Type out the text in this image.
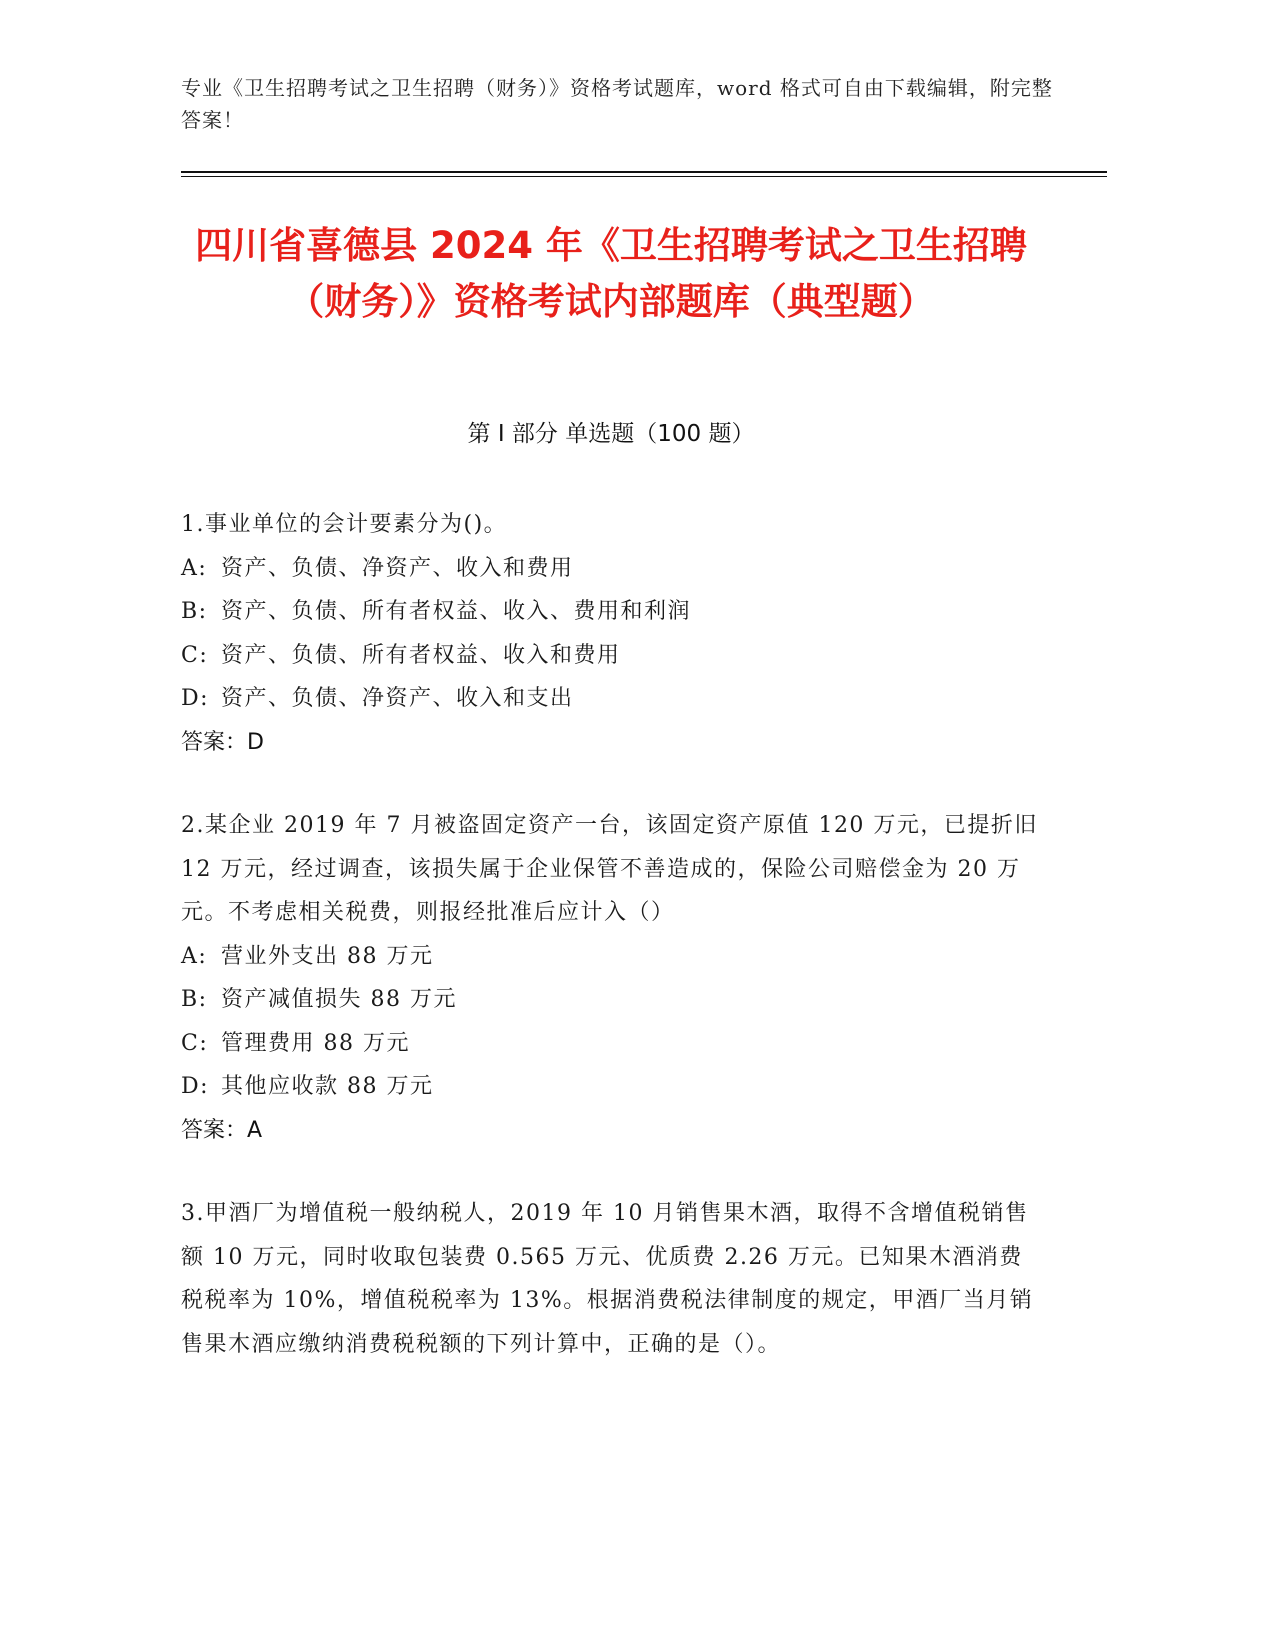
专业《卫生招聘考试之卫生招聘（财务）》资格考试题库，word 格式可自由下载编辑，附完整答案！
四川省喜德县 2024 年《卫生招聘考试之卫生招聘（财务）》资格考试内部题库（典型题）
第 I 部分 单选题（100 题）
1.事业单位的会计要素分为()。
A: 资产、负债、净资产、收入和费用
B: 资产、负债、所有者权益、收入、费用和利润
C: 资产、负债、所有者权益、收入和费用
D: 资产、负债、净资产、收入和支出
答案：D
2.某企业 2019 年 7 月被盗固定资产一台，该固定资产原值 120 万元，已提折旧 12 万元，经过调查，该损失属于企业保管不善造成的，保险公司赔偿金为 20 万元。不考虑相关税费，则报经批准后应计入（）
A: 营业外支出 88 万元
B: 资产减值损失 88 万元
C: 管理费用 88 万元
D: 其他应收款 88 万元
答案：A
3.甲酒厂为增值税一般纳税人，2019 年 10 月销售果木酒，取得不含增值税销售额 10 万元，同时收取包装费 0.565 万元、优质费 2.26 万元。已知果木酒消费税税率为 10%，增值税税率为 13%。根据消费税法律制度的规定，甲酒厂当月销售果木酒应缴纳消费税税额的下列计算中，正确的是（）。
